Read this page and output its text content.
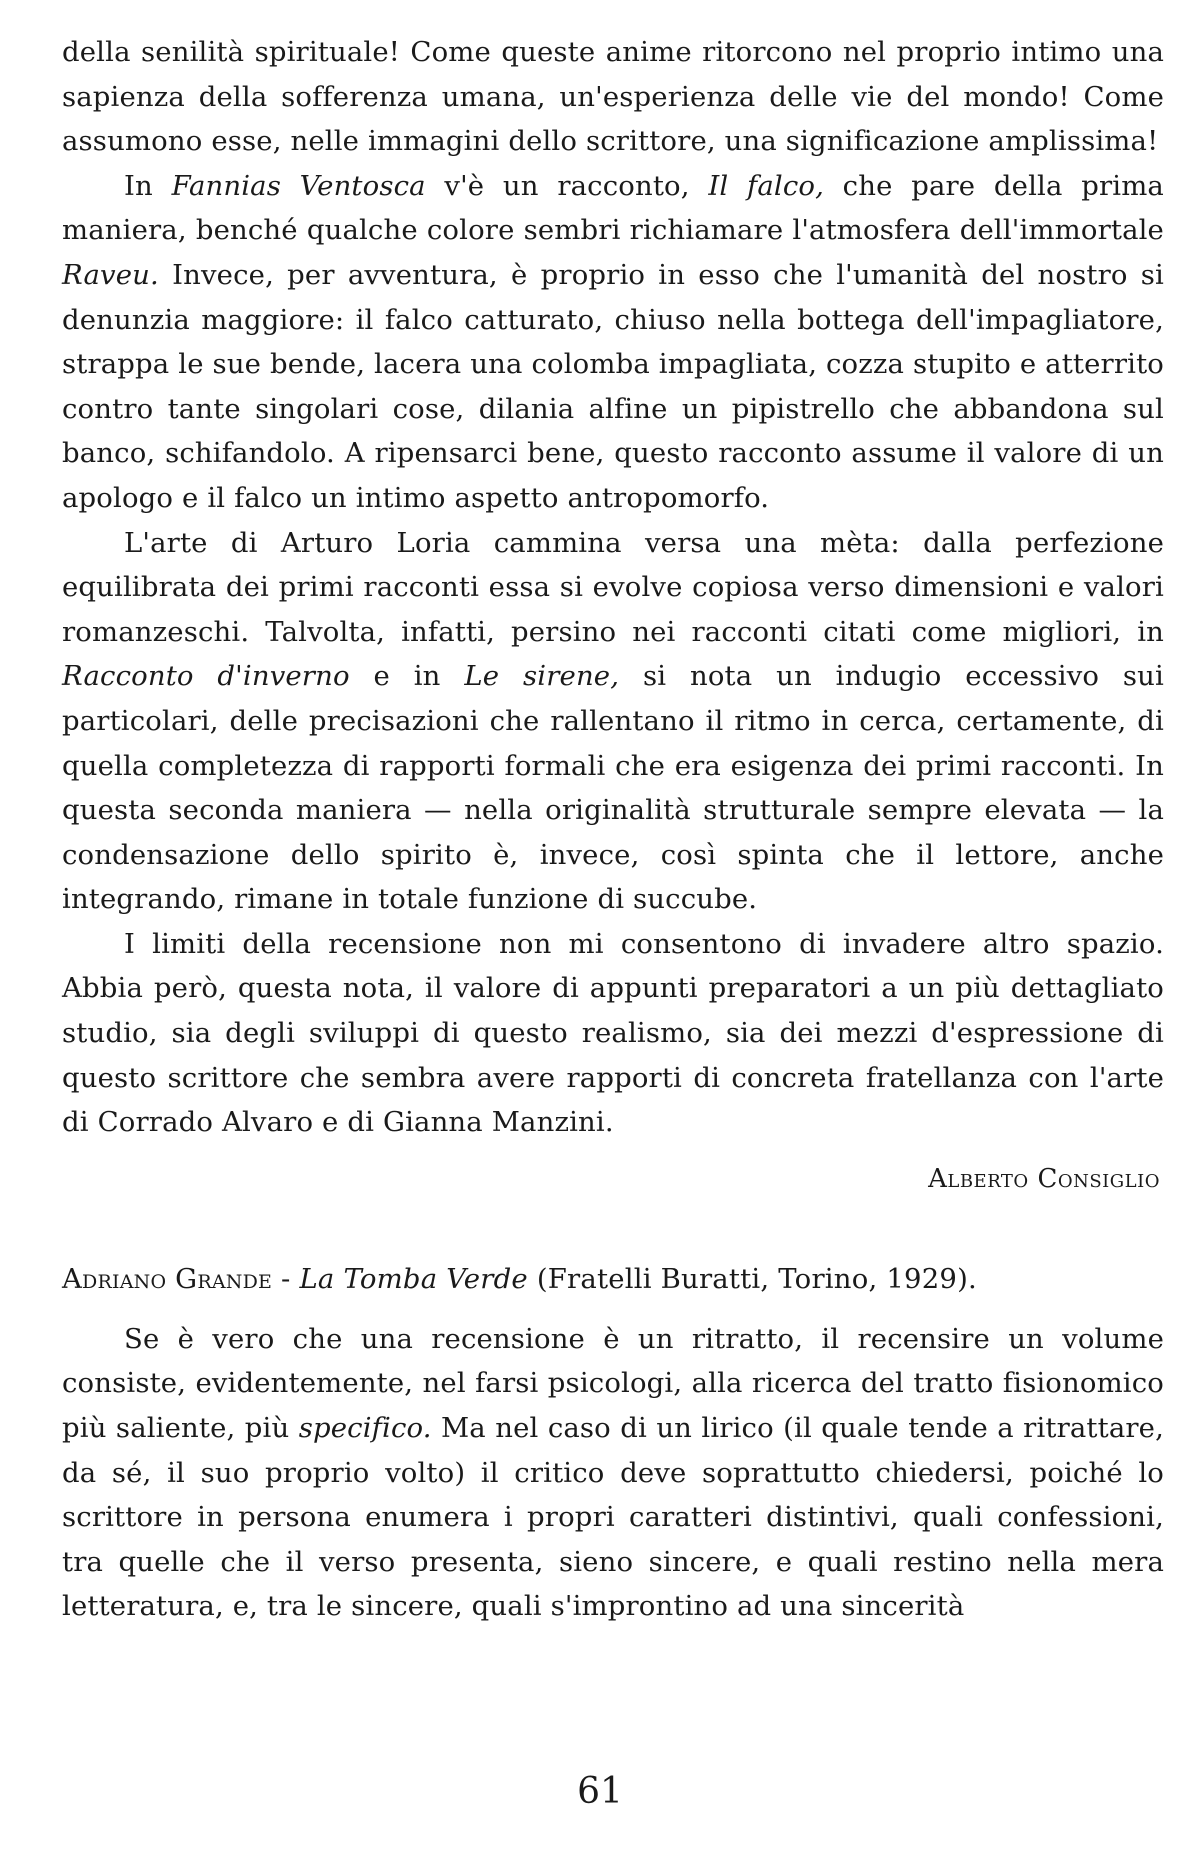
della senilità spirituale! Come queste anime ritorcono nel proprio intimo una sapienza della sofferenza umana, un'esperienza delle vie del mondo! Come assumono esse, nelle immagini dello scrittore, una significazione amplissima!

In Fannias Ventosca v'è un racconto, Il falco, che pare della prima maniera, benché qualche colore sembri richiamare l'atmosfera dell'immortale Raveu. Invece, per avventura, è proprio in esso che l'umanità del nostro si denunzia maggiore: il falco catturato, chiuso nella bottega dell'impagliatore, strappa le sue bende, lacera una colomba impagliata, cozza stupito e atterrito contro tante singolari cose, dilania alfine un pipistrello che abbandona sul banco, schifandolo. A ripensarci bene, questo racconto assume il valore di un apologo e il falco un intimo aspetto antropomorfo.

L'arte di Arturo Loria cammina versa una mèta: dalla perfezione equilibrata dei primi racconti essa si evolve copiosa verso dimensioni e valori romanzeschi. Talvolta, infatti, persino nei racconti citati come migliori, in Racconto d'inverno e in Le sirene, si nota un indugio eccessivo sui particolari, delle precisazioni che rallentano il ritmo in cerca, certamente, di quella completezza di rapporti formali che era esigenza dei primi racconti. In questa seconda maniera — nella originalità strutturale sempre elevata — la condensazione dello spirito è, invece, così spinta che il lettore, anche integrando, rimane in totale funzione di succube.

I limiti della recensione non mi consentono di invadere altro spazio. Abbia però, questa nota, il valore di appunti preparatori a un più dettagliato studio, sia degli sviluppi di questo realismo, sia dei mezzi d'espressione di questo scrittore che sembra avere rapporti di concreta fratellanza con l'arte di Corrado Alvaro e di Gianna Manzini.

Alberto Consiglio
Adriano Grande - La Tomba Verde (Fratelli Buratti, Torino, 1929).

Se è vero che una recensione è un ritratto, il recensire un volume consiste, evidentemente, nel farsi psicologi, alla ricerca del tratto fisionomico più saliente, più specifico. Ma nel caso di un lirico (il quale tende a ritrattare, da sé, il suo proprio volto) il critico deve soprattutto chiedersi, poiché lo scrittore in persona enumera i propri caratteri distintivi, quali confessioni, tra quelle che il verso presenta, sieno sincere, e quali restino nella mera letteratura, e, tra le sincere, quali s'improntino ad una sincerità

61
